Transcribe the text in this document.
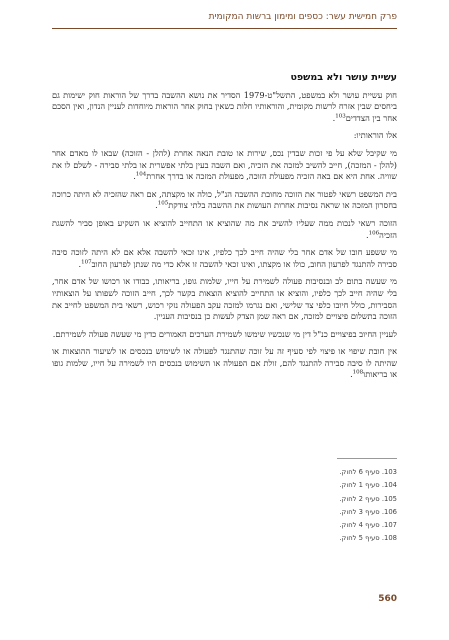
פרק חמישית עשר: כספים ומימון ברשות המקומית
עשיית עושר ולא במשפט

חוק עשיית עושר ולא במשפט, התשל"ט-1979 הסדיר את נושא ההשבה בדרך של הוראות חוק ישימות גם ביחסים שבין אזרח לרשות מקומית, והוראותיו חלות כשאין בחוק אחר הוראות מיוחדות לעניין הנדון, ואין הסכם אחר בין הצדדים$^{103}$.

אלו הוראותיו:

מי שקיבל שלא על פי זכות שבדין נכס, שירות או טובת הנאה אחרת (להלן - הזוכה) שבאו לו מאדם אחר (להלן - המזכה), חייב להשיב למזכה את הזכיה, ואם השבה בעין בלתי אפשרית או בלתי סבירה - לשלם לו את שוויה. אחת היא אם באה הזכיה מפעולת הזוכה, מפעולת המזכה או בדרך אחרת$^{104}$.

בית המשפט רשאי לפטור את הזוכה מחובת ההשבה הנ"ל, כולה או מקצתה, אם ראה שהזכיה לא היתה כרוכה בחסרון המזכה או שראה נסיבות אחרות העושות את ההשבה בלתי צודקת$^{105}$.

הזוכה רשאי לנכות ממה שעליו להשיב את מה שהוציא או התחייב להוציא או השקיע באופן סביר להשגת הזכיה$^{106}$.

מי ששפע חובו של אדם אחר בלי שהיה חייב לכך כלפיו, אינו זכאי להשבה אלא אם לא היתה לזוכה סיבה סבירה להתנגד לפרעון החוב, כולו או מקצתו, ואינו זכאי להשבה זו אלא כדי מה שנתן לפרעון החוב$^{107}$.

מי שעשה בתום לב ובנסיבות פעולה לשמירת על חייו, שלמות גופו, בריאותו, כבודו או רכושו של אדם אחר, בלי שהיה חייב לכך כלפיו, והוציא או התחייב להוציא הוצאות בקשר לכך, חייב הזוכה לשפותו על הוצאותיו הסבירות, כולל חיובו כלפי צד שלישי, ואם נגרמו למזכה עקב הפעולה נזקי רכוש, רשאי בית המשפט לחייב את הזוכה בתשלום פיצויים למזכה, אם ראה שמן הצדק לעשות כן בנסיבות העניין.

לעניין החיוב בפיצויים כנ"ל דין מי שנכשיו שימשו לשמירת הערכים האמורים כדין מי שעשה פעולה לשמירתם.

אין חובת שיפוי או פיצוי לפי סעיף זה על זוכה שהתנגד לפעולה או לשימוש בנכסים או לשיעור ההוצאות או שהיתה לו סיבה סבירה להתנגד להם, זולת אם הפעולה או השימוש בנכסים היו לשמירה על חייו, שלמות גופו או בריאותו$^{108}$.

103. סעיף 6 לחוק.
104. סעיף 1 לחוק.
105. סעיף 2 לחוק.
106. סעיף 3 לחוק.
107. סעיף 4 לחוק.
108. סעיף 5 לחוק.
560
